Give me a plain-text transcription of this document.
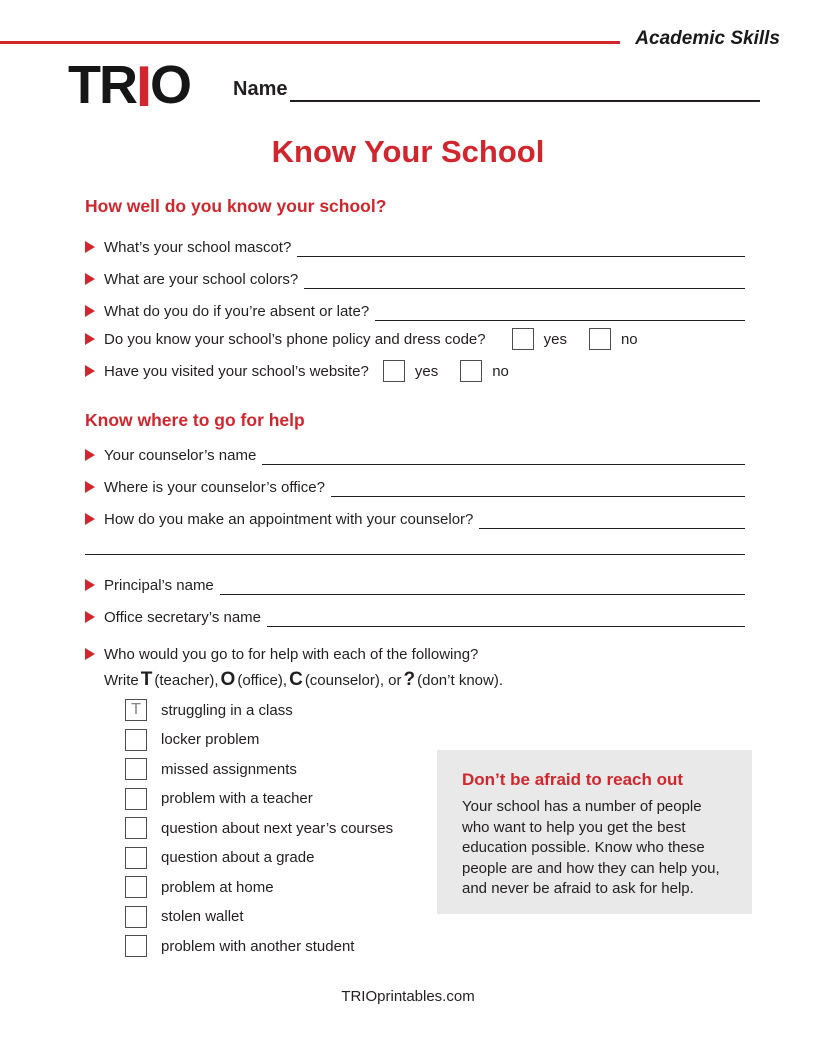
Academic Skills
TRIO Name
Know Your School
How well do you know your school?
What’s your school mascot?
What are your school colors?
What do you do if you’re absent or late?
Do you know your school’s phone policy and dress code?	yes	no
Have you visited your school’s website?	yes	no
Know where to go for help
Your counselor’s name
Where is your counselor’s office?
How do you make an appointment with your counselor?
Principal’s name
Office secretary’s name
Who would you go to for help with each of the following?
Write T (teacher), O (office), C (counselor), or ? (don’t know).
T	struggling in a class
locker problem
missed assignments
problem with a teacher
question about next year’s courses
question about a grade
problem at home
stolen wallet
problem with another student
Don’t be afraid to reach out
Your school has a number of people who want to help you get the best education possible. Know who these people are and how they can help you, and never be afraid to ask for help.
TRIOprintables.com
